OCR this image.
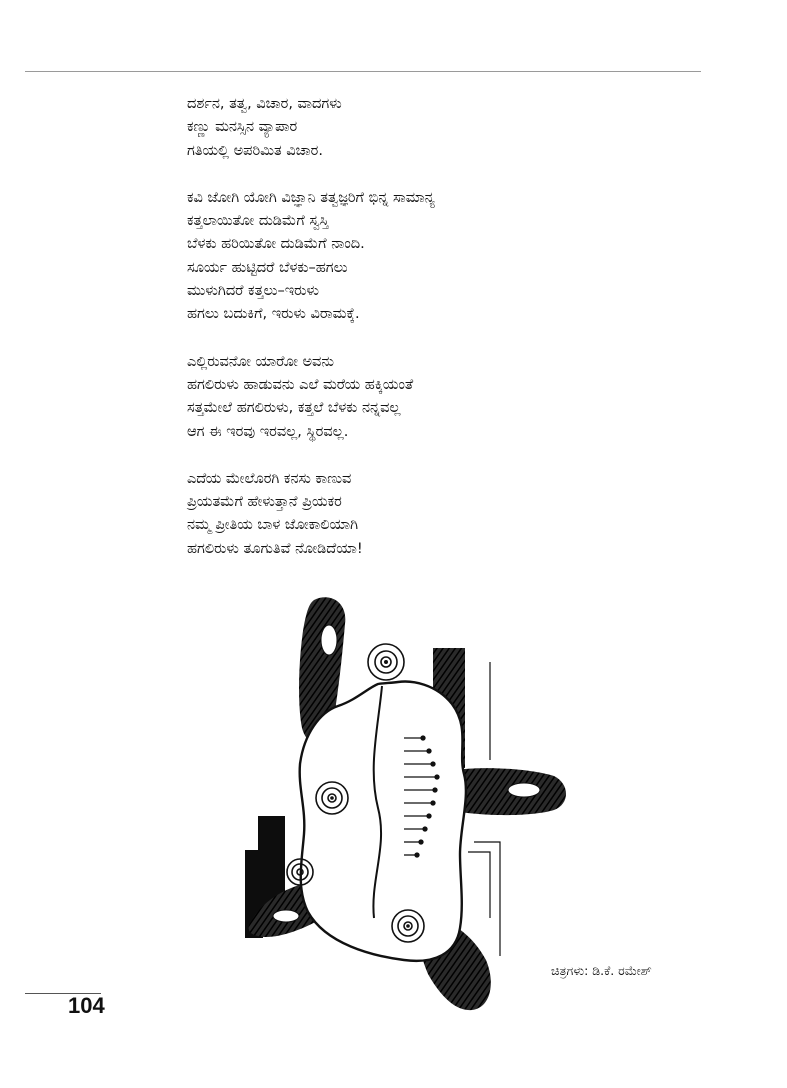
ದರ್ಶನ, ತತ್ವ, ವಿಚಾರ, ವಾದಗಳು
ಕಣ್ಣು ಮನಸ್ಸಿನ ವ್ಯಾಪಾರ
ಗತಿಯಲ್ಲಿ ಅಪರಿಮಿತ ವಿಚಾರ.
ಕವಿ ಜೋಗಿ ಯೋಗಿ ವಿಜ್ಞಾನಿ ತತ್ವಜ್ಞರಿಗೆ ಭಿನ್ನ ಸಾಮಾನ್ಯ
ಕತ್ತಲಾಯಿತೋ ದುಡಿಮೆಗೆ ಸ್ವಸ್ತಿ
ಬೆಳಕು ಹರಿಯಿತೋ ದುಡಿಮೆಗೆ ನಾಂದಿ.
ಸೂರ್ಯ ಹುಟ್ಟಿದರೆ ಬೆಳಕು–ಹಗಲು
ಮುಳುಗಿದರೆ ಕತ್ತಲು–ಇರುಳು
ಹಗಲು ಬದುಕಿಗೆ, ಇರುಳು ವಿರಾಮಕ್ಕೆ.
ಎಲ್ಲಿರುವನೋ ಯಾರೋ ಅವನು
ಹಗಲಿರುಳು ಹಾಡುವನು ಎಲೆ ಮರೆಯ ಹಕ್ಕಿಯಂತೆ
ಸತ್ತಮೇಲೆ ಹಗಲಿರುಳು, ಕತ್ತಲೆ ಬೆಳಕು ನನ್ನವಲ್ಲ
ಆಗ ಈ ಇರವು ಇರವಲ್ಲ, ಸ್ಥಿರವಲ್ಲ.
ಎದೆಯ ಮೇಲೊರಗಿ ಕನಸು ಕಾಣುವ
ಪ್ರಿಯತಮೆಗೆ ಹೇಳುತ್ತಾನೆ ಪ್ರಿಯಕರ
ನಮ್ಮ ಪ್ರೀತಿಯ ಬಾಳ ಜೋಕಾಲಿಯಾಗಿ
ಹಗಲಿರುಳು ತೂಗುತಿವೆ ನೋಡಿದೆಯಾ!
ಚಿತ್ರಗಳು: ಡಿ.ಕೆ. ರಮೇಶ್
104
